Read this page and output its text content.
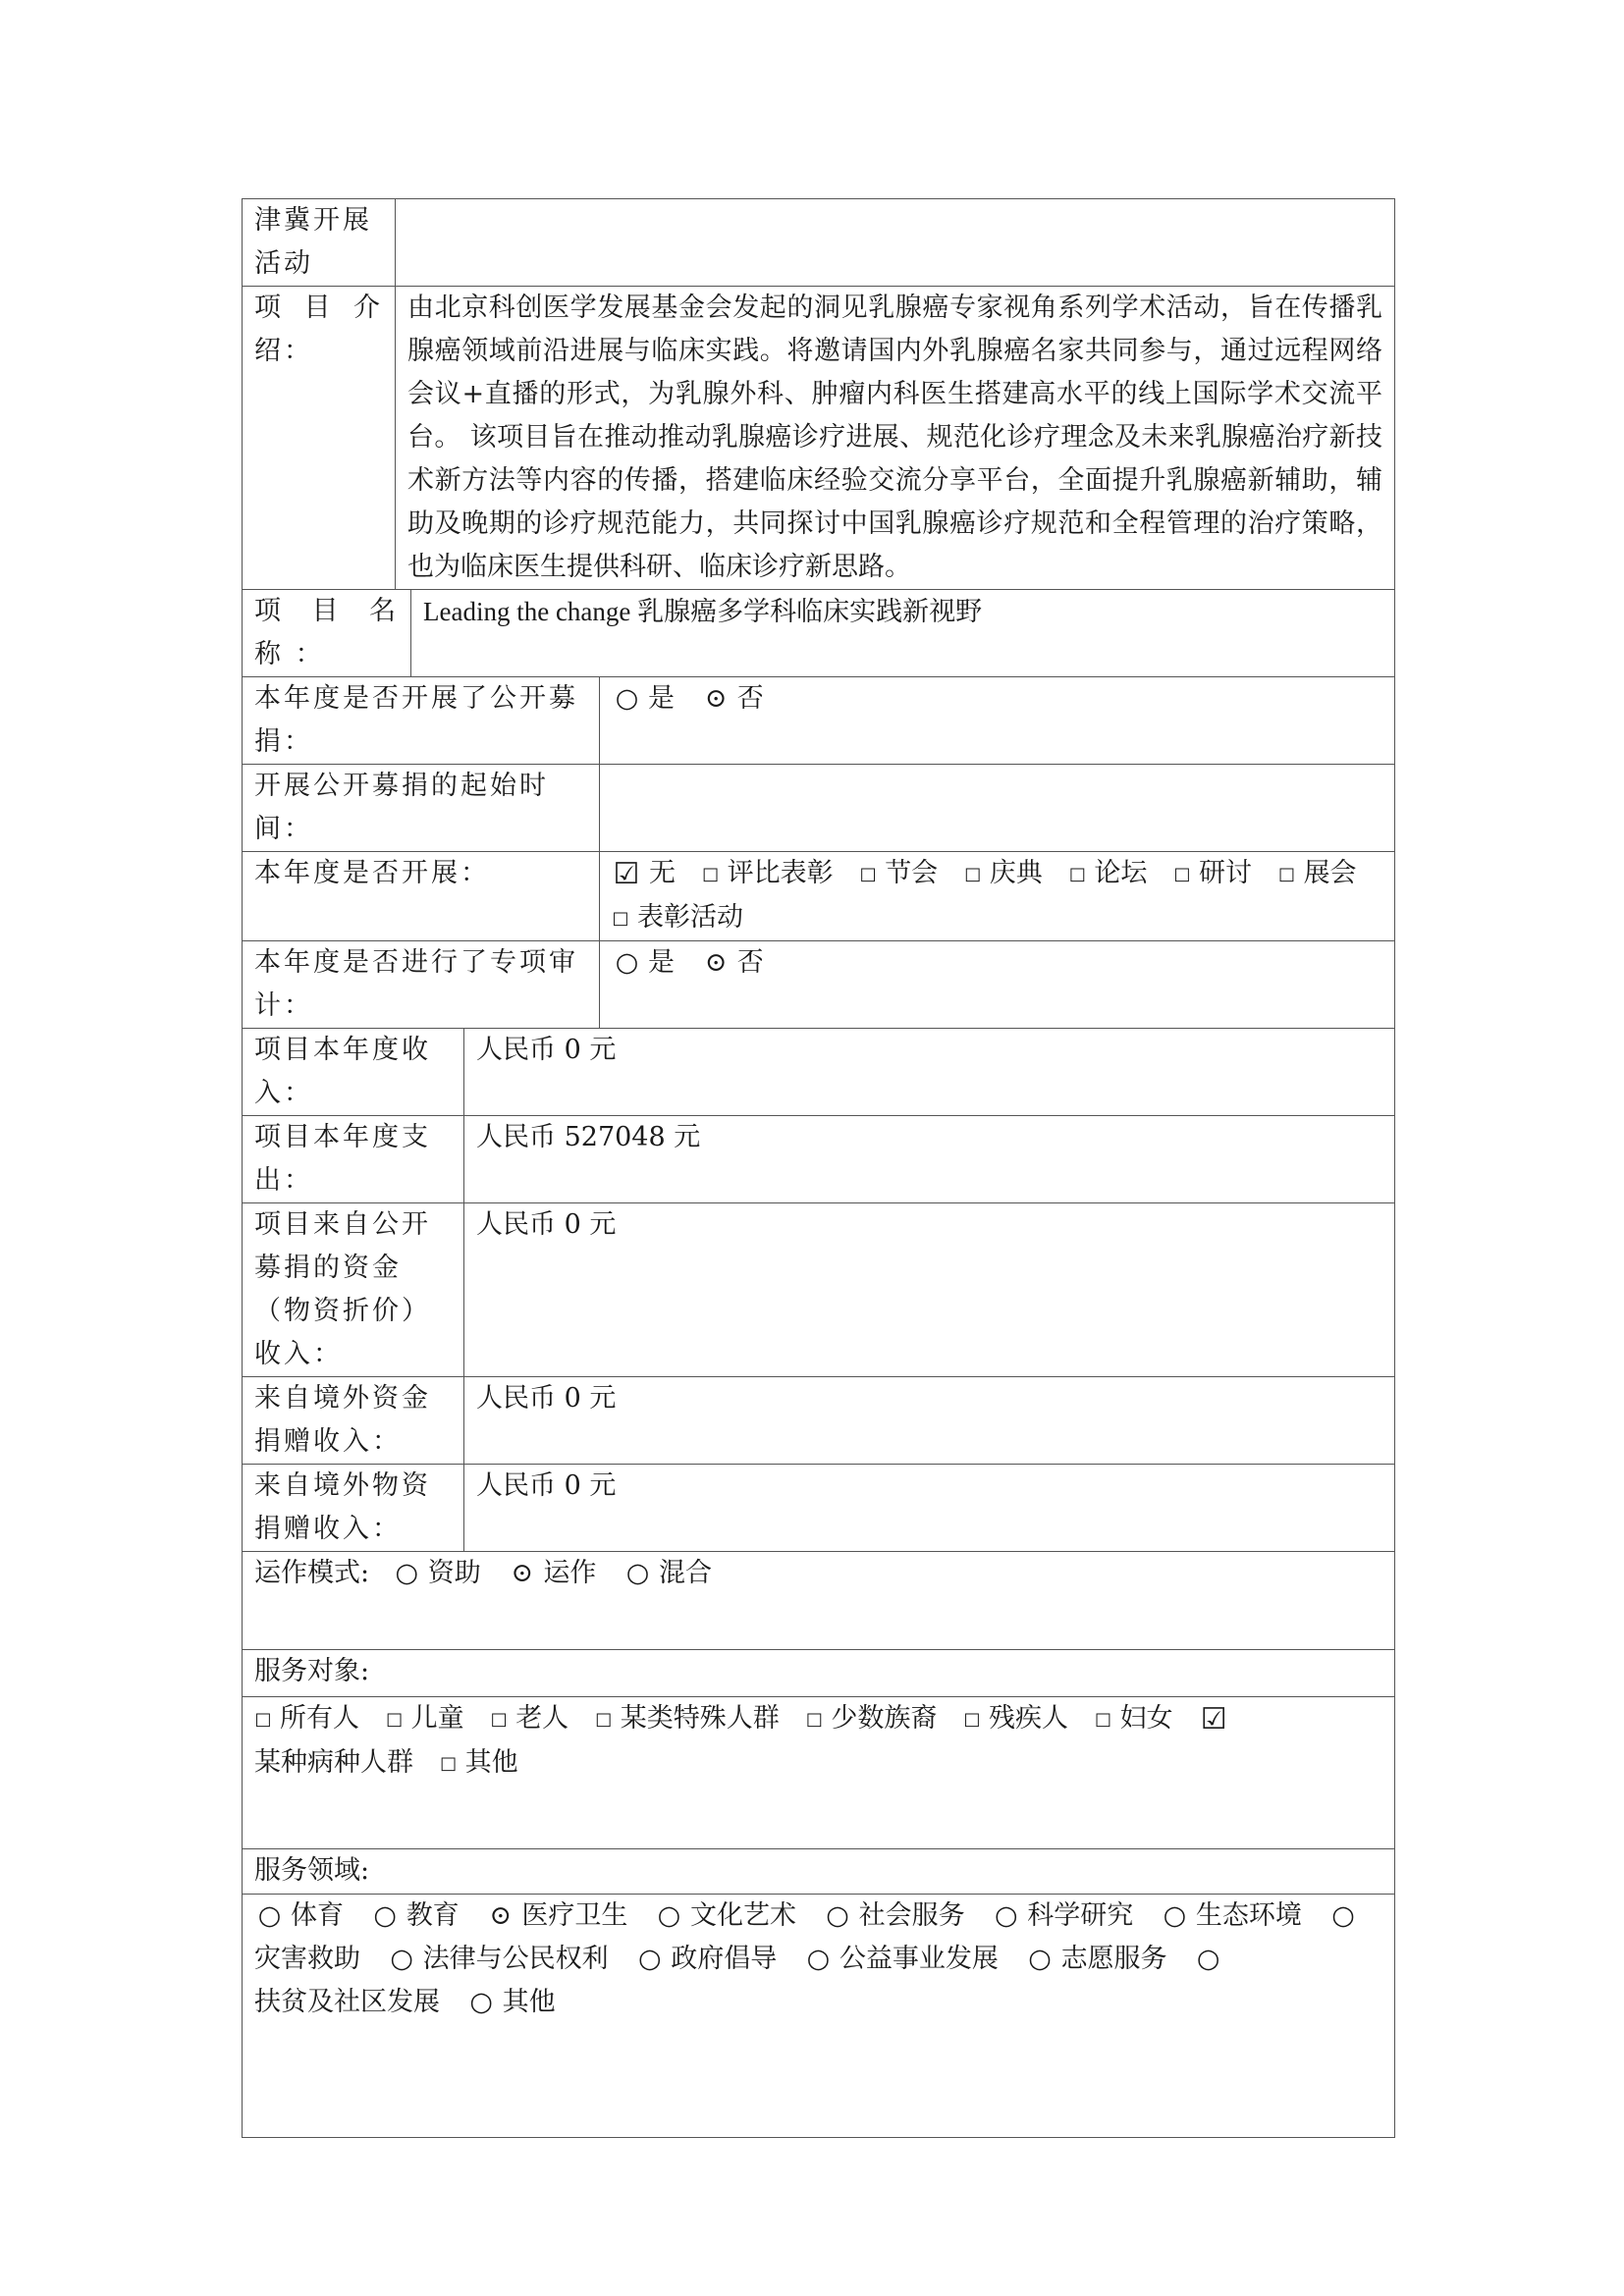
津冀开展活动				
项 目 介 绍：	由北京科创医学发展基金会发起的洞见乳腺癌专家视角系列学术活动，旨在传播乳腺癌领域前沿进展与临床实践。将邀请国内外乳腺癌名家共同参与，通过远程网络会议+直播的形式，为乳腺外科、肿瘤内科医生搭建高水平的线上国际学术交流平台。 该项目旨在推动推动乳腺癌诊疗进展、规范化诊疗理念及未来乳腺癌治疗新技术新方法等内容的传播，搭建临床经验交流分享平台，全面提升乳腺癌新辅助，辅助及晚期的诊疗规范能力，共同探讨中国乳腺癌诊疗规范和全程管理的治疗策略，也为临床医生提供科研、临床诊疗新思路。			
项 目 名 称 ：		Leading the change 乳腺癌多学科临床实践新视野		
本年度是否开展了公开募捐：				○ 是 ⊙ 否
开展公开募捐的起始时间：				
本年度是否开展：				☑ 无 □ 评比表彰 □ 节会 □ 庆典 □ 论坛 □ 研讨 □ 展会 □ 表彰活动
本年度是否进行了专项审计：				○ 是 ⊙ 否
项目本年度收入：			人民币 0 元	
项目本年度支出：			人民币 527048 元	
项目来自公开募捐的资金（物资折价）收入：			人民币 0 元	
来自境外资金捐赠收入：			人民币 0 元	
来自境外物资捐赠收入：			人民币 0 元	
运作模式: ○ 资助 ⊙ 运作 ○ 混合				
服务对象:				
□ 所有人 □ 儿童 □ 老人 □ 某类特殊人群 □ 少数族裔 □ 残疾人 □ 妇女 ☑某种病种人群 □ 其他				
服务领域:				
○ 体育 ○ 教育 ⊙ 医疗卫生 ○ 文化艺术 ○ 社会服务 ○ 科学研究 ○ 生态环境 ○灾害救助 ○ 法律与公民权利 ○ 政府倡导 ○ 公益事业发展 ○ 志愿服务 ○扶贫及社区发展 ○ 其他				
